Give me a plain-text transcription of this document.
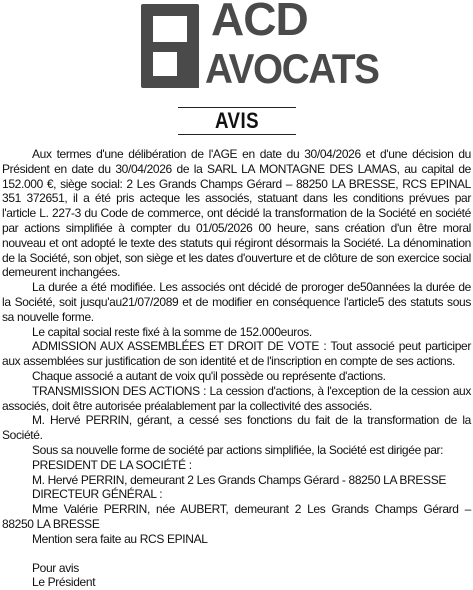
ACD
AVOCATS
AVIS

Aux termes d'une délibération de l'AGE en date du 30/04/2026 et d'une décision du Président en date du 30/04/2026 de la SARL LA MONTAGNE DES LAMAS, au capital de 152.000 €, siège social: 2 Les Grands Champs Gérard – 88250 LA BRESSE, RCS EPINAL 351 372651, il a été pris acteque les associés, statuant dans les conditions prévues par l'article L. 227-3 du Code de commerce, ont décidé la transformation de la Société en société par actions simplifiée à compter du 01/05/2026 00 heure, sans création d'un être moral nouveau et ont adopté le texte des statuts qui régiront désormais la Société. La dénomination de la Société, son objet, son siège et les dates d'ouverture et de clôture de son exercice social demeurent inchangées.

La durée a été modifiée. Les associés ont décidé de proroger de50années la durée de la Société, soit jusqu'au21/07/2089 et de modifier en conséquence l'article5 des statuts sous sa nouvelle forme.

Le capital social reste fixé à la somme de 152.000euros.

ADMISSION AUX ASSEMBLÉES ET DROIT DE VOTE : Tout associé peut participer aux assemblées sur justification de son identité et de l'inscription en compte de ses actions.

Chaque associé a autant de voix qu'il possède ou représente d'actions.

TRANSMISSION DES ACTIONS : La cession d'actions, à l'exception de la cession aux associés, doit être autorisée préalablement par la collectivité des associés.

M. Hervé PERRIN, gérant, a cessé ses fonctions du fait de la transformation de la Société.

Sous sa nouvelle forme de société par actions simplifiée, la Société est dirigée par:

PRESIDENT DE LA SOCIÉTÉ :

M. Hervé PERRIN, demeurant 2 Les Grands Champs Gérard - 88250 LA BRESSE

DIRECTEUR GÉNÉRAL :

Mme Valérie PERRIN, née AUBERT, demeurant 2 Les Grands Champs Gérard – 88250 LA BRESSE

Mention sera faite au RCS EPINAL

Pour avis

Le Président
